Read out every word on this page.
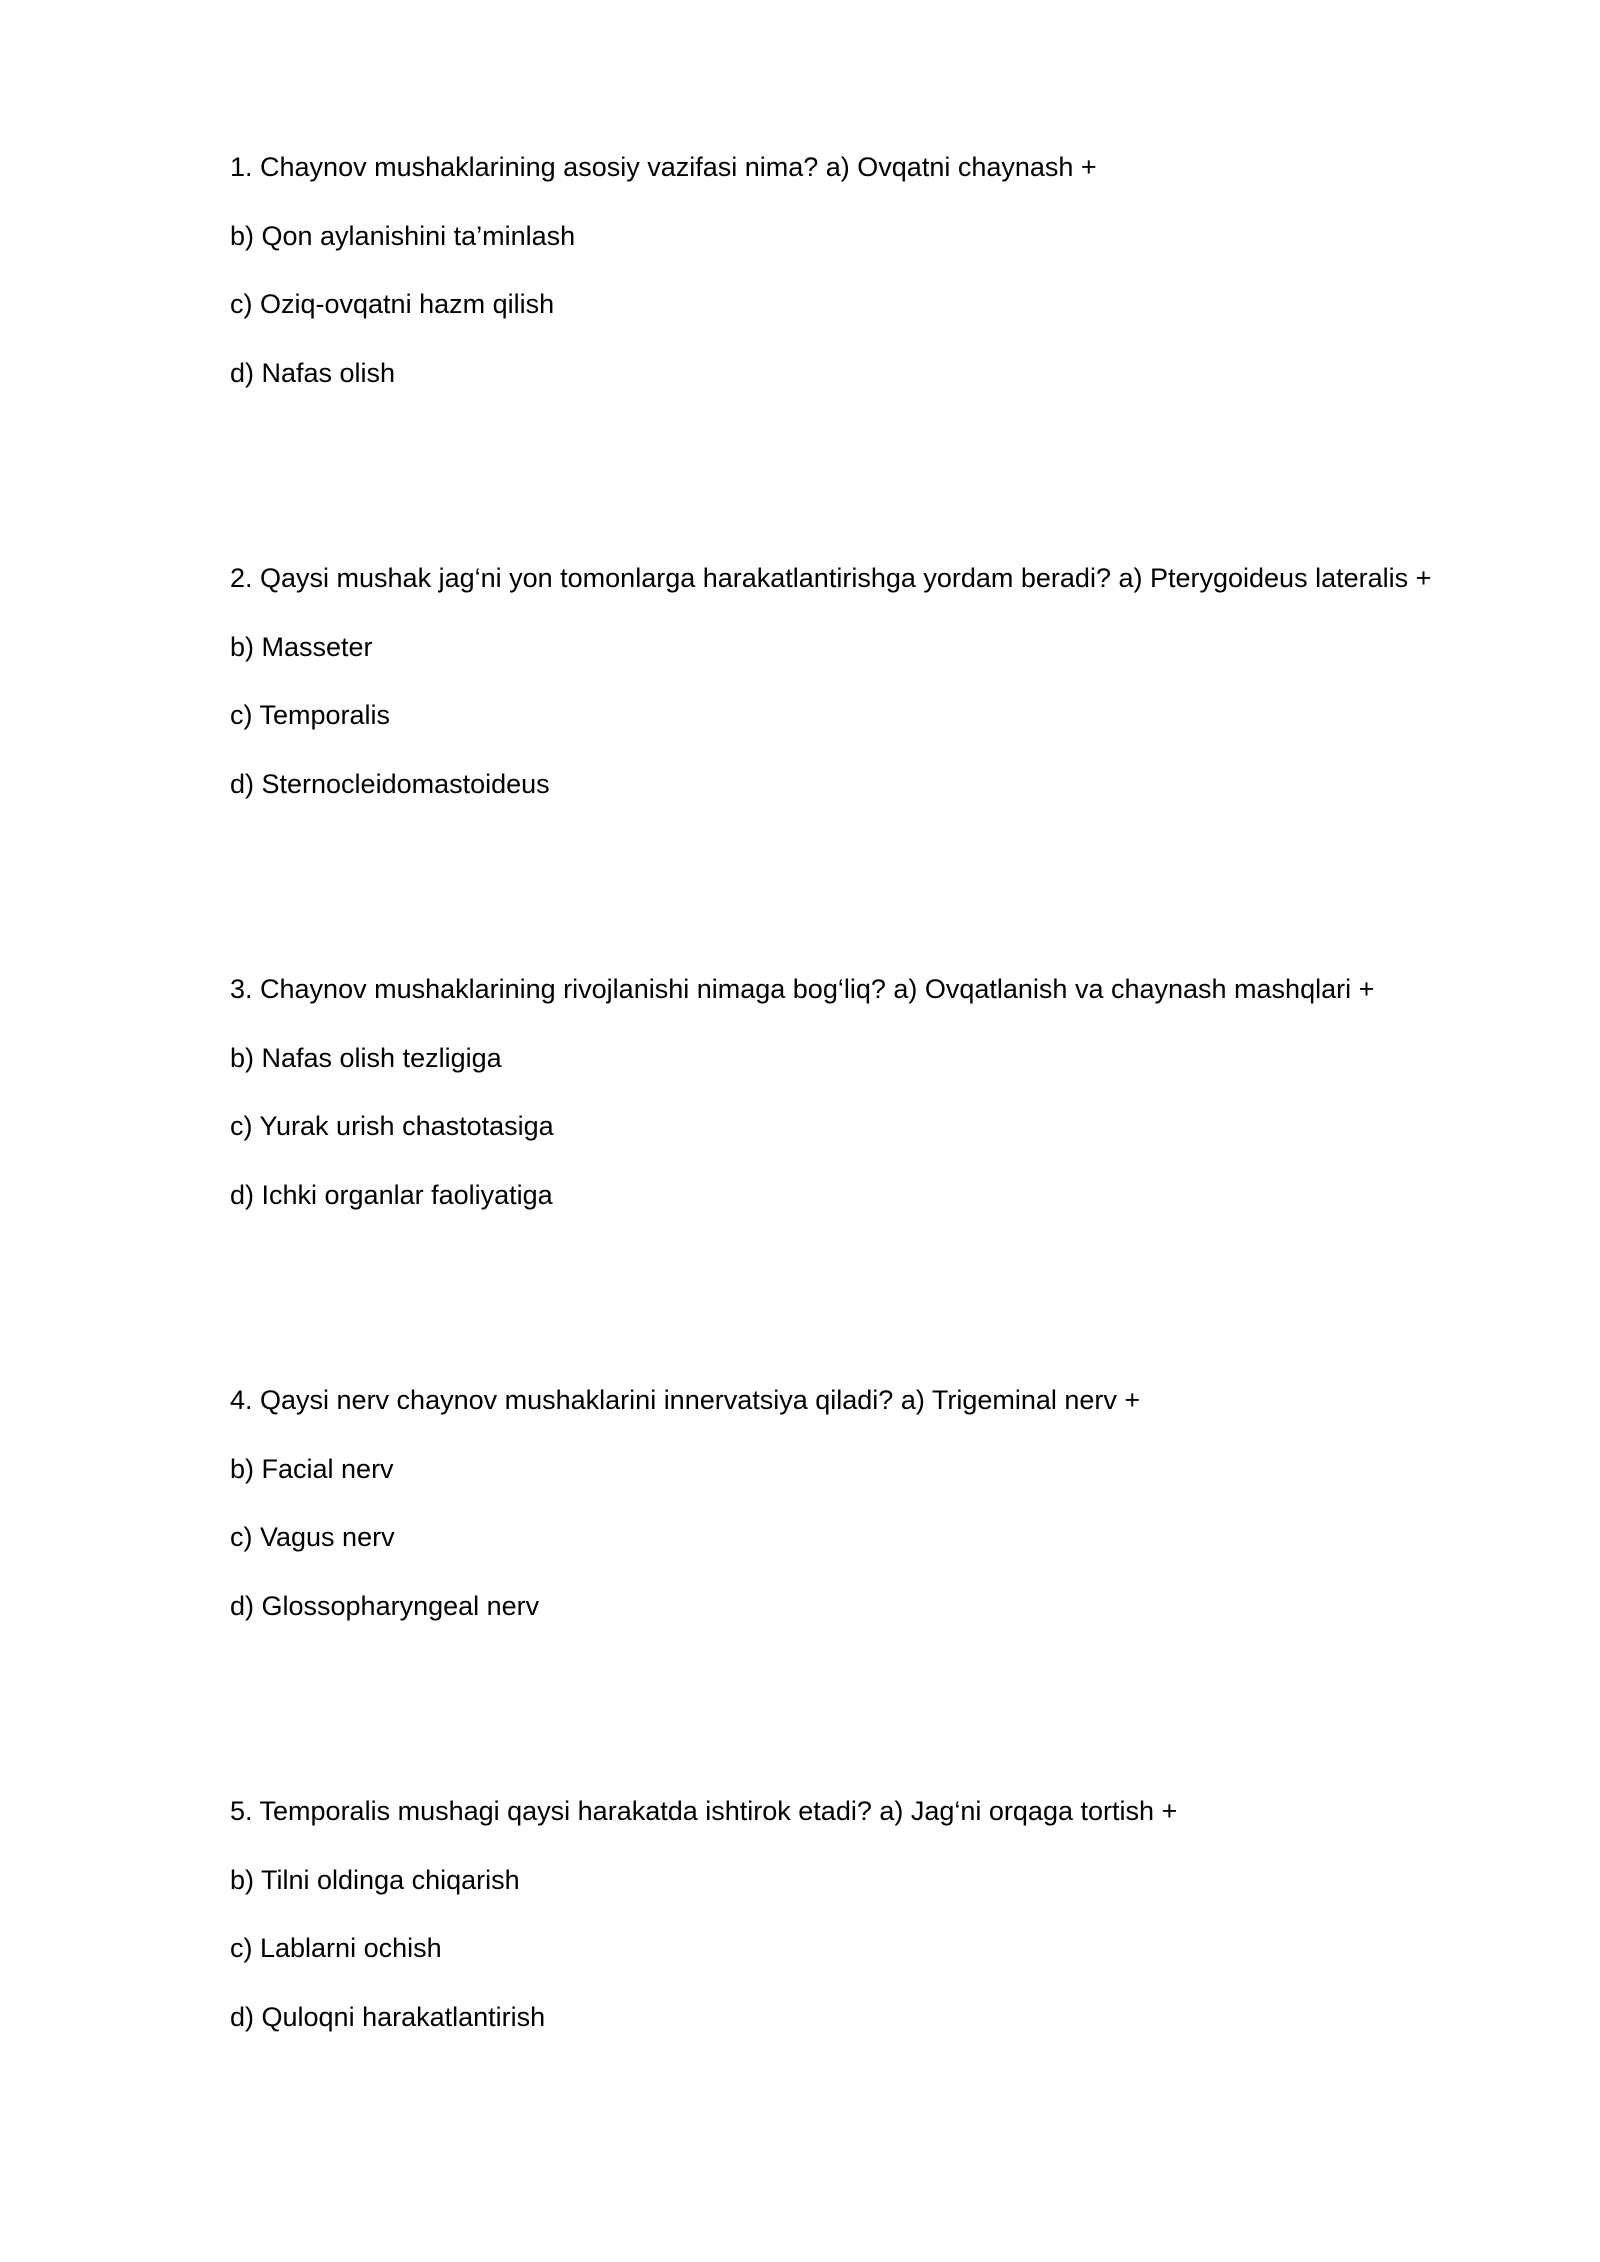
1. Chaynov mushaklarining asosiy vazifasi nima? a) Ovqatni chaynash +
b) Qon aylanishini ta’minlash
c) Oziq-ovqatni hazm qilish
d) Nafas olish
2. Qaysi mushak jag‘ni yon tomonlarga harakatlantirishga yordam beradi? a) Pterygoideus lateralis +
b) Masseter
c) Temporalis
d) Sternocleidomastoideus
3. Chaynov mushaklarining rivojlanishi nimaga bog‘liq? a) Ovqatlanish va chaynash mashqlari +
b) Nafas olish tezligiga
c) Yurak urish chastotasiga
d) Ichki organlar faoliyatiga
4. Qaysi nerv chaynov mushaklarini innervatsiya qiladi? a) Trigeminal nerv +
b) Facial nerv
c) Vagus nerv
d) Glossopharyngeal nerv
5. Temporalis mushagi qaysi harakatda ishtirok etadi? a) Jag‘ni orqaga tortish +
b) Tilni oldinga chiqarish
c) Lablarni ochish
d) Quloqni harakatlantirish
